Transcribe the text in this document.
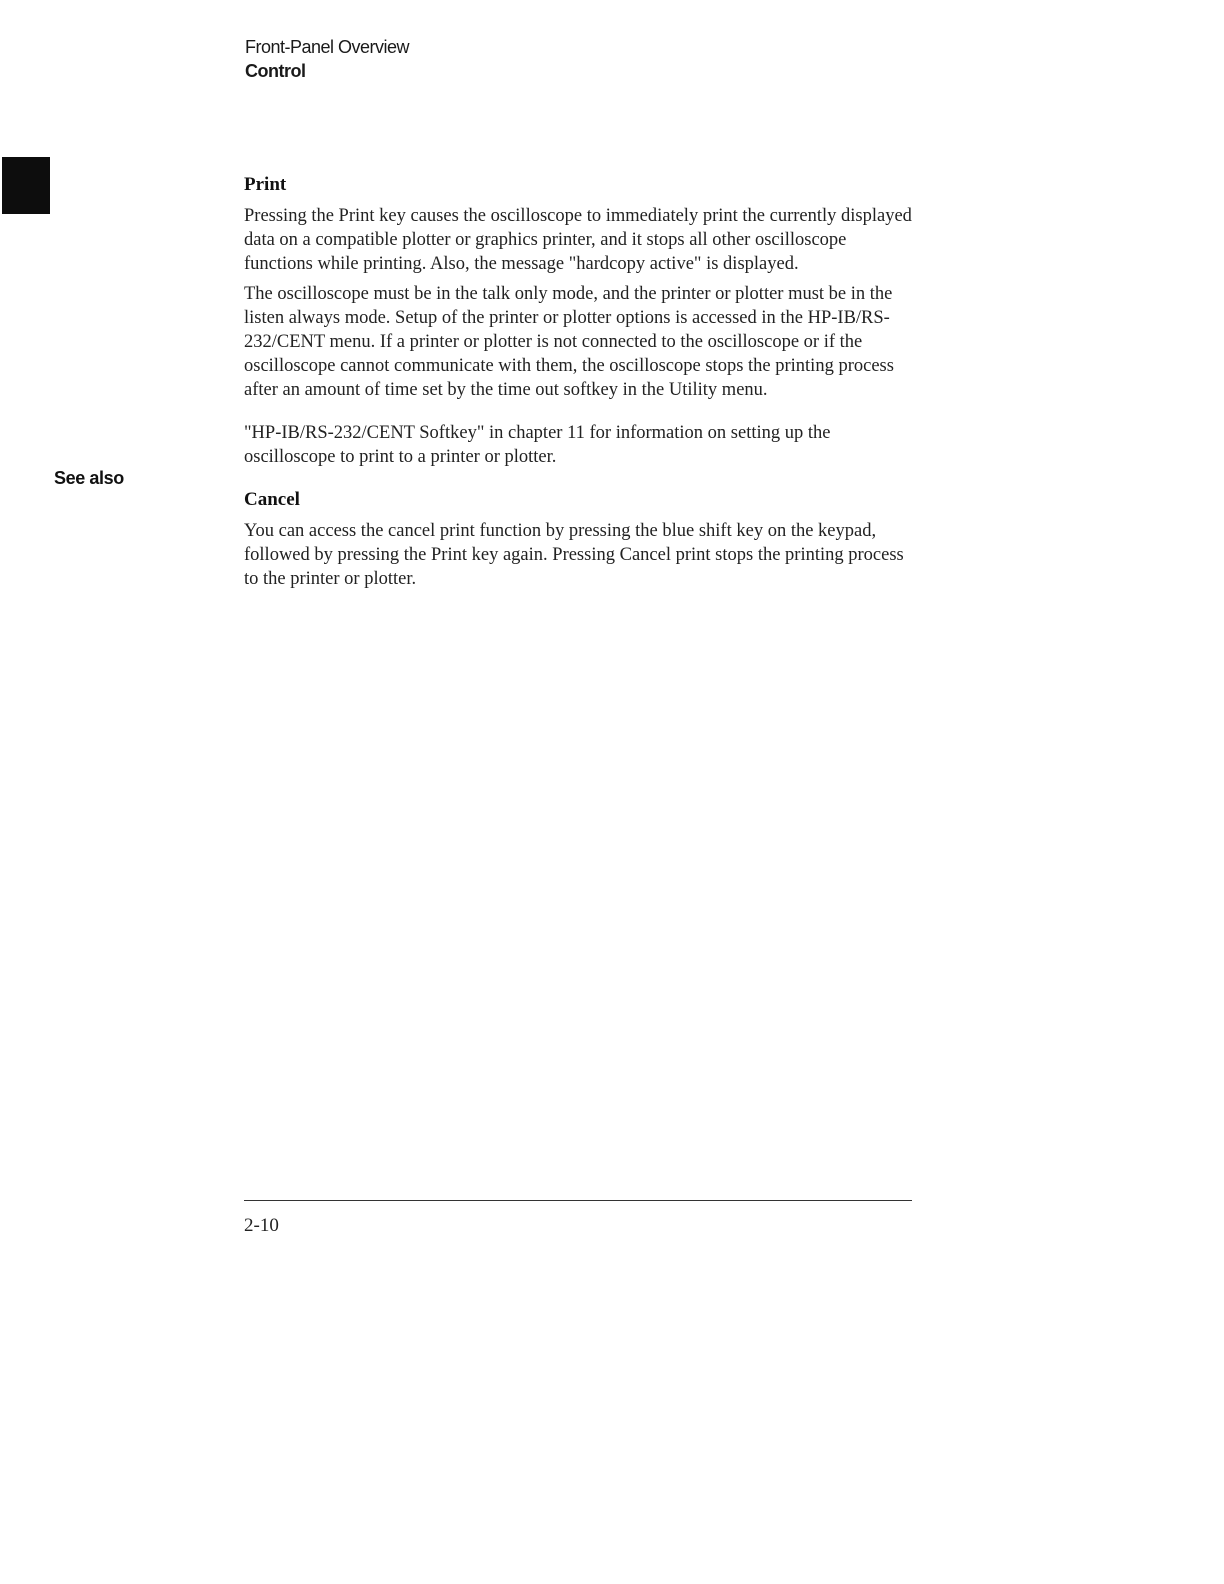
Front-Panel Overview
Control
See also
Print

Pressing the Print key causes the oscilloscope to immediately print the currently displayed data on a compatible plotter or graphics printer, and it stops all other oscilloscope functions while printing. Also, the message "hardcopy active" is displayed.

The oscilloscope must be in the talk only mode, and the printer or plotter must be in the listen always mode. Setup of the printer or plotter options is accessed in the HP-IB/RS-232/CENT menu. If a printer or plotter is not connected to the oscilloscope or if the oscilloscope cannot communicate with them, the oscilloscope stops the printing process after an amount of time set by the time out softkey in the Utility menu.

"HP-IB/RS-232/CENT Softkey" in chapter 11 for information on setting up the oscilloscope to print to a printer or plotter.

Cancel

You can access the cancel print function by pressing the blue shift key on the keypad, followed by pressing the Print key again. Pressing Cancel print stops the printing process to the printer or plotter.

2-10
